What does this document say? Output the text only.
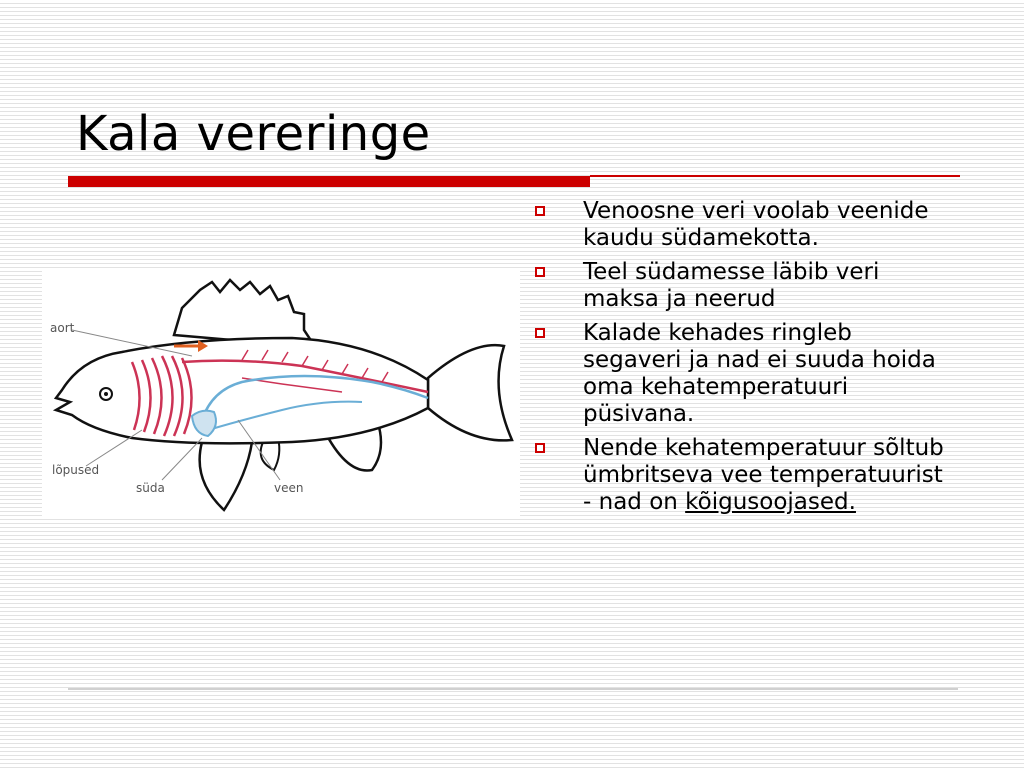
Kala vereringe
aort
lõpused
süda	veen
Venoosne veri voolab veenide kaudu südamekotta.
Teel südamesse läbib veri maksa ja neerud
Kalade kehades ringleb segaveri ja nad ei suuda hoida oma kehatemperatuuri püsivana.
Nende kehatemperatuur sõltub ümbritseva vee temperatuurist - nad on kõigusoojased.
